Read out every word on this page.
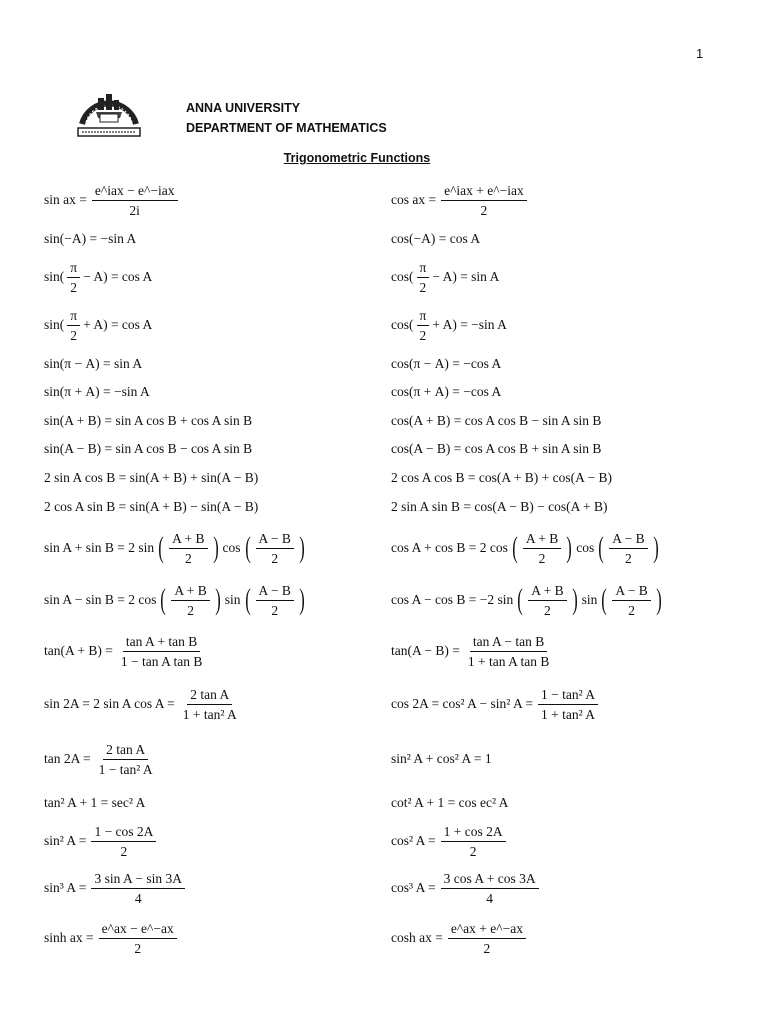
1
ANNA UNIVERSITY
DEPARTMENT OF MATHEMATICS
Trigonometric Functions
sin ax = $\frac{\text{e\textasciicircum{}iax − e\textasciicircum{}−iax}}{2i}$	cos ax = $\frac{\text{e\textasciicircum{}iax + e\textasciicircum{}−iax}}{2}$
sin(−A) = −sin A	cos(−A) = cos A
$\sin( \frac{\pi}{2} - A) = \cos A$	$\cos( \frac{\pi}{2} - A) = \sin A$
$\sin( \frac{\pi}{2} + A) = \cos A$	$\cos( \frac{\pi}{2} + A) = -\sin$ A
sin(π − A) = sin A	cos(π − A) = −cos A
sin(π + A) = −sin A	cos(π + A) = −cos A
sin(A + B) = sin A cos B + cos A sin B	cos(A + B) = cos A cos B − sin A sin B
sin(A − B) = sin A cos B − cos A sin B	cos(A − B) = cos A cos B + sin A sin B
2 sin A cos B = sin(A + B) + sin(A − B)	2 cos A cos B = cos(A + B) + cos(A − B)
2 cos A sin B = sin(A + B) − sin(A − B)	2 sin A sin B = cos(A − B) − cos(A + B)
sin A + sin B = 2 sin ( $\frac{A + B}{2}$ ) cos ( $\frac{A - B}{2}$ )	cos A + cos B = 2 cos ( $\frac{A + B}{2}$ ) cos ( $\frac{A - B}{2}$ )
sin A − sin B = 2 cos ( $\frac{A + B}{2}$ ) sin ( $\frac{A - B}{2}$ )	cos A − cos B = −2 sin ( $\frac{A + B}{2}$ ) sin ( $\frac{A - B}{2}$ )
$\tan(A + B) = \frac{\text{tan A + tan B}}{\text{1 − tan A tan B}}$	$\tan(A - B) = \frac{\text{tan A − tan B}}{\text{1 + tan A tan B}}$
sin 2A = 2 sin A $\cos A = \frac{\text{2 tan A}}{\text{1 + tan² A}}$	cos 2A = cos² A − sin² $A = \frac{\text{1 − tan² A}}{\text{1 + tan² A}}$
$\tan 2A = \frac{\text{2 tan A}}{\text{1 − tan² A}}$	sin² A + cos² A = 1
tan² A + 1 = sec² A	cot² A + 1 = cos ec² A
sin² $A = \frac{1 - \cos 2A}{2}$	cos² $A = \frac{1 + \cos 2A}{2}$
sin³ $A = \frac{\text{3 sin A − sin 3A}}{4}$	cos³ $A = \frac{\text{3 cos A + cos 3A}}{4}$
sinh ax = $\frac{e\^{}ax - e\^{}-ax}{2}$	cosh ax = $\frac{e\^{}ax + e\^{}-ax}{2}$
